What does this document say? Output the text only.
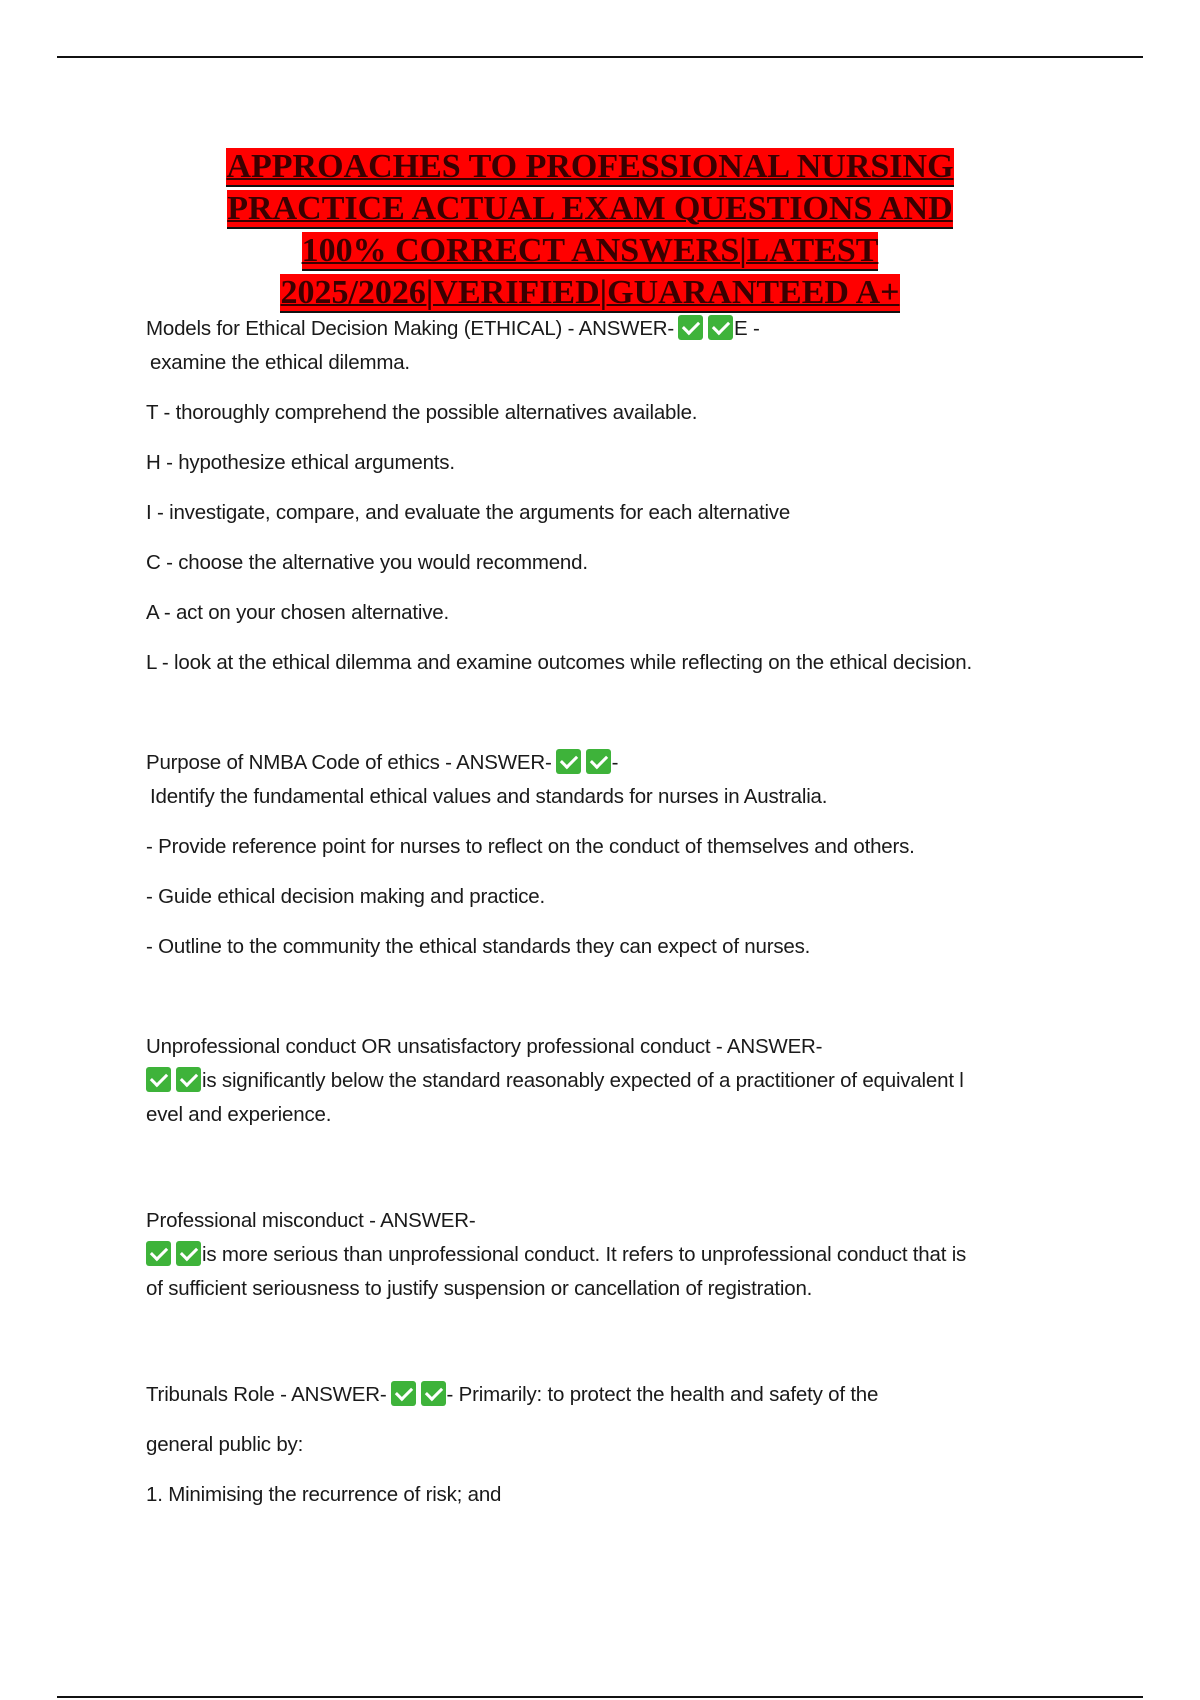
APPROACHES TO PROFESSIONAL NURSING
PRACTICE ACTUAL EXAM QUESTIONS AND
100% CORRECT ANSWERS|LATEST
2025/2026|VERIFIED|GUARANTEED A+

Models for Ethical Decision Making (ETHICAL) - ANSWER-	E -

examine the ethical dilemma.

T - thoroughly comprehend the possible alternatives available.

H - hypothesize ethical arguments.

I - investigate, compare, and evaluate the arguments for each alternative

C - choose the alternative you would recommend.

A - act on your chosen alternative.

L - look at the ethical dilemma and examine outcomes while reflecting on the ethical decision.

Purpose of NMBA Code of ethics - ANSWER-	-

Identify the fundamental ethical values and standards for nurses in Australia.

- Provide reference point for nurses to reflect on the conduct of themselves and others.

- Guide ethical decision making and practice.

- Outline to the community the ethical standards they can expect of nurses.

Unprofessional conduct OR unsatisfactory professional conduct - ANSWER-

is significantly below the standard reasonably expected of a practitioner of equivalent l

evel and experience.

Professional misconduct - ANSWER-

is more serious than unprofessional conduct. It refers to unprofessional conduct that is

of sufficient seriousness to justify suspension or cancellation of registration.

Tribunals Role - ANSWER-	- Primarily: to protect the health and safety of the

general public by:

1. Minimising the recurrence of risk; and
